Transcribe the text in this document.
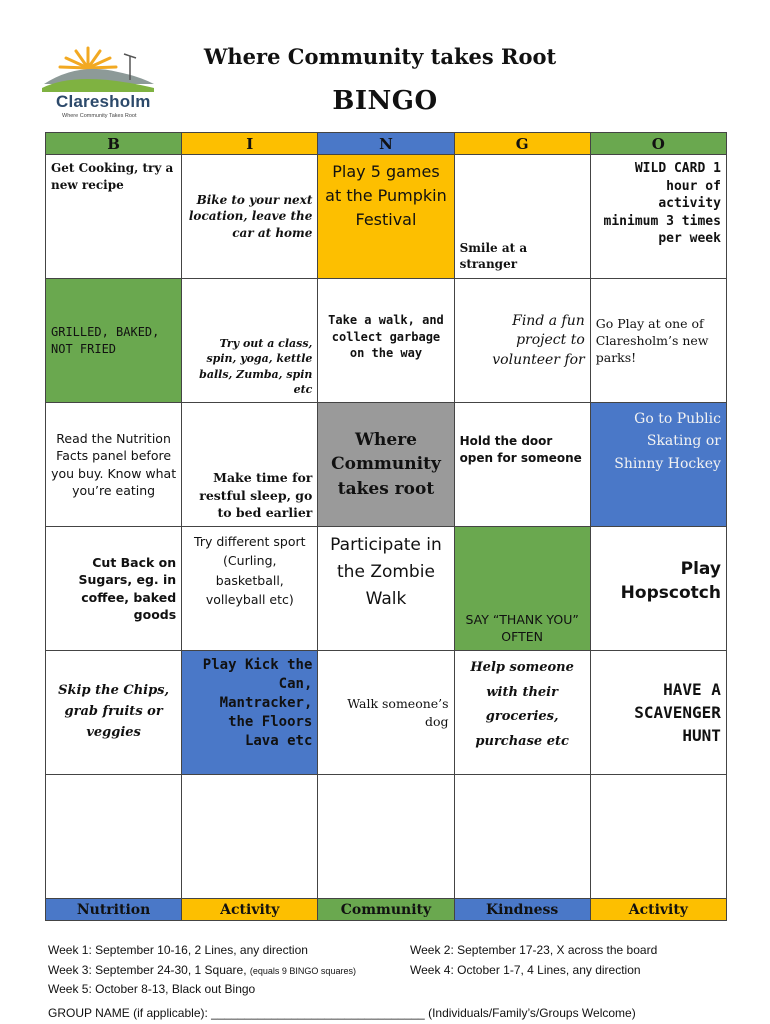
Claresholm
Where Community Takes Root
Where Community takes Root
BINGO
B	I	N	G	O

Get Cooking, try a new recipe	Bike to your next location, leave the car at home	Play 5 games at the Pumpkin Festival	Smile at a stranger	WILD CARD 1 hour of activity minimum 3 times per week

GRILLED, BAKED, NOT FRIED	Try out a class, spin, yoga, kettle balls, Zumba, spin etc	Take a walk, and collect garbage on the way	Find a fun project to volunteer for	Go Play at one of Claresholm’s new parks!

Read the Nutrition Facts panel before you buy. Know what you’re eating	Make time for restful sleep, go to bed earlier	Where Community takes root	Hold the door open for someone	Go to Public Skating or Shinny Hockey

Cut Back on Sugars, eg. in coffee, baked goods	Try different sport (Curling, basketball, volleyball etc)	Participate in the Zombie Walk	SAY “THANK YOU” OFTEN	Play Hopscotch

Skip the Chips, grab fruits or veggies	Play Kick the Can, Mantracker, the Floors Lava etc	Walk someone’s dog	Help someone with their groceries, purchase etc	HAVE A SCAVENGER HUNT

Nutrition	Activity	Community	Kindness	Activity
Week 1: September 10-16, 2 Lines, any direction	Week 2: September 17-23, X across the board
Week 3: September 24-30, 1 Square, (equals 9 BINGO squares)	Week 4: October 1-7, 4 Lines, any direction
Week 5: October 8-13, Black out Bingo
GROUP NAME (if applicable): ________________________________ (Individuals/Family’s/Groups Welcome)
